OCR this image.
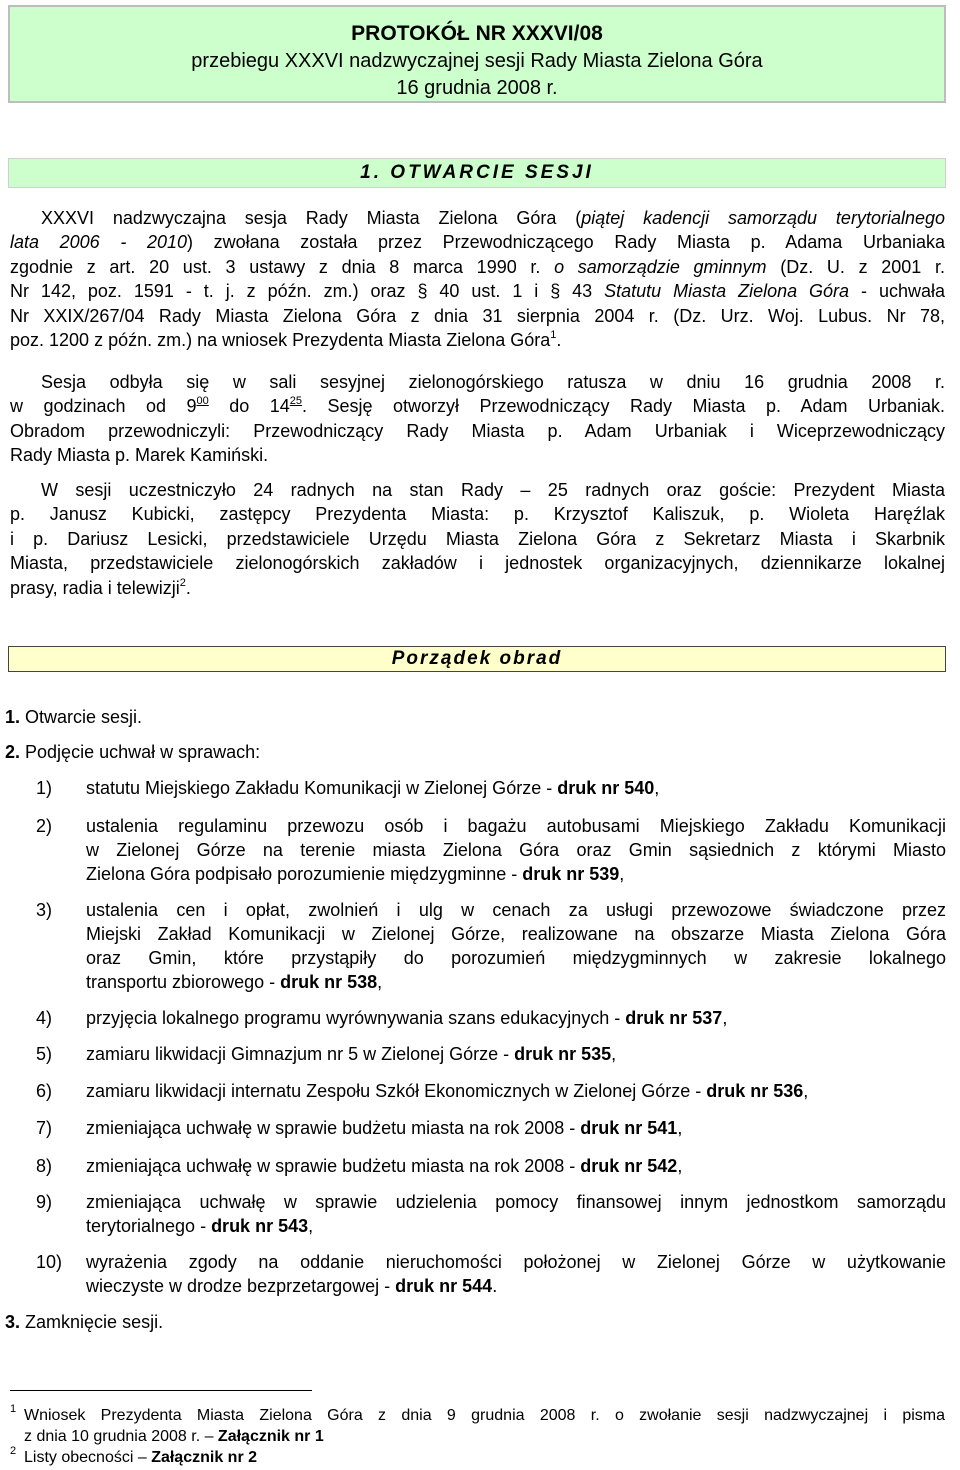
PROTOKÓŁ NR XXXVI/08
przebiegu XXXVI nadzwyczajnej sesji Rady Miasta Zielona Góra
16 grudnia 2008 r.
1. OTWARCIE SESJI
XXXVI nadzwyczajna sesja Rady Miasta Zielona Góra (piątej kadencji samorządu terytorialnego
lata 2006 - 2010) zwołana została przez Przewodniczącego Rady Miasta p. Adama Urbaniaka
zgodnie z art. 20 ust. 3 ustawy z dnia 8 marca 1990 r. o samorządzie gminnym (Dz. U. z 2001 r.
Nr 142, poz. 1591 - t. j. z późn. zm.) oraz § 40 ust. 1 i § 43 Statutu Miasta Zielona Góra - uchwała
Nr XXIX/267/04 Rady Miasta Zielona Góra z dnia 31 sierpnia 2004 r. (Dz. Urz. Woj. Lubus. Nr 78,
poz. 1200 z późn. zm.) na wniosek Prezydenta Miasta Zielona Góra$^1$.
Sesja odbyła się w sali sesyjnej zielonogórskiego ratusza w dniu 16 grudnia 2008 r.
w godzinach od $9^{00}$ do $14^{25}$. Sesję otworzył Przewodniczący Rady Miasta p. Adam Urbaniak.
Obradom przewodniczyli: Przewodniczący Rady Miasta p. Adam Urbaniak i Wiceprzewodniczący
Rady Miasta p. Marek Kamiński.
W sesji uczestniczyło 24 radnych na stan Rady – 25 radnych oraz goście: Prezydent Miasta
p. Janusz Kubicki, zastępcy Prezydenta Miasta: p. Krzysztof Kaliszuk, p. Wioleta Haręźlak
i p. Dariusz Lesicki, przedstawiciele Urzędu Miasta Zielona Góra z Sekretarz Miasta i Skarbnik
Miasta, przedstawiciele zielonogórskich zakładów i jednostek organizacyjnych, dziennikarze lokalnej
prasy, radia i telewizji$^2$.
Porządek obrad
1. Otwarcie sesji.
2. Podjęcie uchwał w sprawach:
1) statutu Miejskiego Zakładu Komunikacji w Zielonej Górze - druk nr 540,
2) ustalenia regulaminu przewozu osób i bagażu autobusami Miejskiego Zakładu Komunikacji
w Zielonej Górze na terenie miasta Zielona Góra oraz Gmin sąsiednich z którymi Miasto
Zielona Góra podpisało porozumienie międzygminne - druk nr 539,
3) ustalenia cen i opłat, zwolnień i ulg w cenach za usługi przewozowe świadczone przez
Miejski Zakład Komunikacji w Zielonej Górze, realizowane na obszarze Miasta Zielona Góra
oraz Gmin, które przystąpiły do porozumień międzygminnych w zakresie lokalnego
transportu zbiorowego - druk nr 538,
4) przyjęcia lokalnego programu wyrównywania szans edukacyjnych - druk nr 537,
5) zamiaru likwidacji Gimnazjum nr 5 w Zielonej Górze - druk nr 535,
6) zamiaru likwidacji internatu Zespołu Szkół Ekonomicznych w Zielonej Górze - druk nr 536,
7) zmieniająca uchwałę w sprawie budżetu miasta na rok 2008 - druk nr 541,
8) zmieniająca uchwałę w sprawie budżetu miasta na rok 2008 - druk nr 542,
9) zmieniająca uchwałę w sprawie udzielenia pomocy finansowej innym jednostkom samorządu
terytorialnego - druk nr 543,
10) wyrażenia zgody na oddanie nieruchomości położonej w Zielonej Górze w użytkowanie
wieczyste w drodze bezprzetargowej - druk nr 544.
3. Zamknięcie sesji.
1 Wniosek Prezydenta Miasta Zielona Góra z dnia 9 grudnia 2008 r. o zwołanie sesji nadzwyczajnej i pisma
z dnia 10 grudnia 2008 r. – Załącznik nr 1
2 Listy obecności – Załącznik nr 2
